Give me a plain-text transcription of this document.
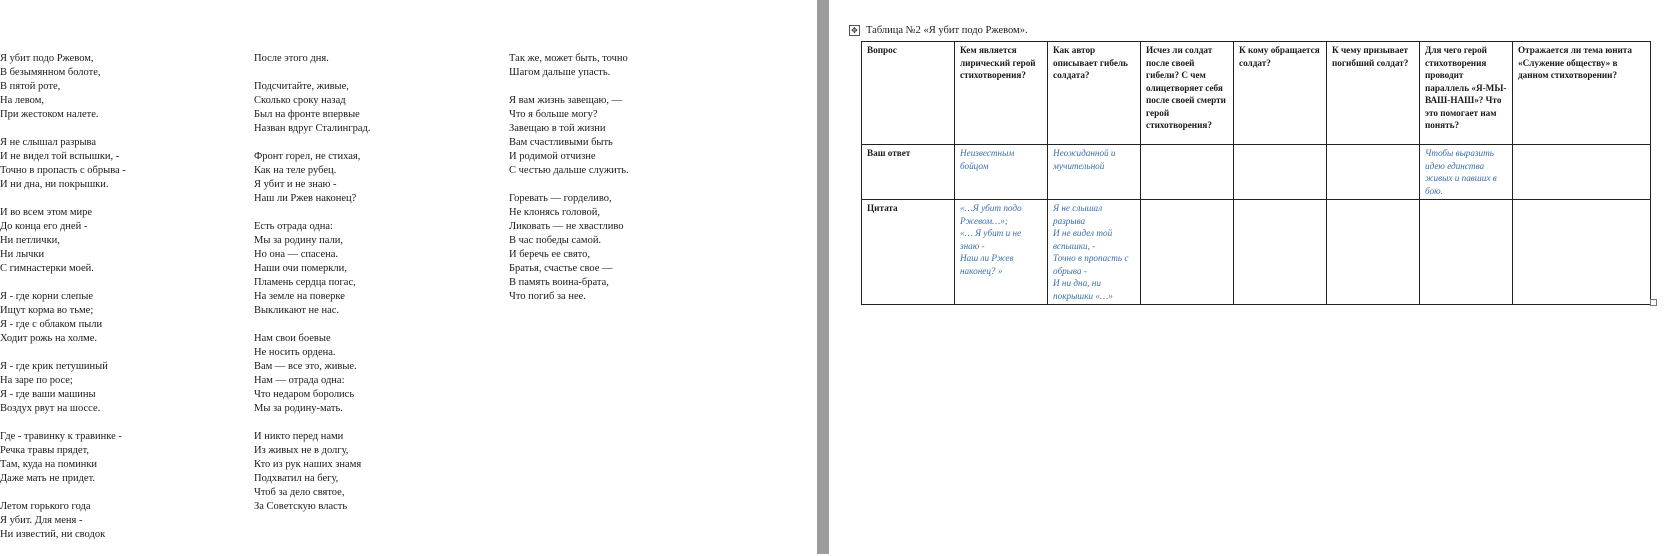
Я убит подо Ржевом,
В безымянном болоте,
В пятой роте,
На левом,
При жестоком налете.
Я не слышал разрыва
И не видел той вспышки, -
Точно в пропасть с обрыва -
И ни дна, ни покрышки.
И во всем этом мире
До конца его дней -
Ни петлички,
Ни лычки
С гимнастерки моей.
Я - где корни слепые
Ищут корма во тьме;
Я - где с облаком пыли
Ходит рожь на холме.
Я - где крик петушиный
На заре по росе;
Я - где ваши машины
Воздух рвут на шоссе.
Где - травинку к травинке -
Речка травы прядет,
Там, куда на поминки
Даже мать не придет.
Летом горького года
Я убит. Для меня -
Ни известий, ни сводок
После этого дня.
Подсчитайте, живые,
Сколько сроку назад
Был на фронте впервые
Назван вдруг Сталинград.
Фронт горел, не стихая,
Как на теле рубец.
Я убит и не знаю -
Наш ли Ржев наконец?
Есть отрада одна:
Мы за родину пали,
Но она — спасена.
Наши очи померкли,
Пламень сердца погас,
На земле на поверке
Выкликают не нас.
Нам свои боевые
Не носить ордена.
Вам — все это, живые.
Нам — отрада одна:
Что недаром боролись
Мы за родину-мать.
И никто перед нами
Из живых не в долгу,
Кто из рук наших знамя
Подхватил на бегу,
Чтоб за дело святое,
За Советскую власть
Так же, может быть, точно
Шагом дальше упасть.
Я вам жизнь завещаю, —
Что я больше могу?
Завещаю в той жизни
Вам счастливыми быть
И родимой отчизне
С честью дальше служить.
Горевать — горделиво,
Не клонясь головой,
Ликовать — не хвастливо
В час победы самой.
И беречь ее свято,
Братья, счастье свое —
В память воина-брата,
Что погиб за нее.
✥ Таблица №2 «Я убит подо Ржевом».
Вопрос	Кем является лирический герой стихотворения?	Как автор описывает гибель солдата?	Исчез ли солдат после своей гибели? С чем олицетворяет себя после своей смерти герой стихотворения?	К кому обращается солдат?	К чему призывает погибший солдат?	Для чего герой стихотворения проводит параллель «Я-МЫ-ВАШ-НАШ»? Что это помогает нам понять?	Отражается ли тема юнита «Служение обществу» в данном стихотворении?
Ваш ответ	Неизвестным бойцом	Неожиданной и мучительной				Чтобы выразить идею единства живых и павших в бою.	
Цитата	«…Я убит подо Ржевом…»;
«… Я убит и не знаю -
Наш ли Ржев наконец? »	Я не слышал разрыва
И не видел той вспышки, -
Точно в пропасть с обрыва -
И ни дна, ни покрышки «…»					
